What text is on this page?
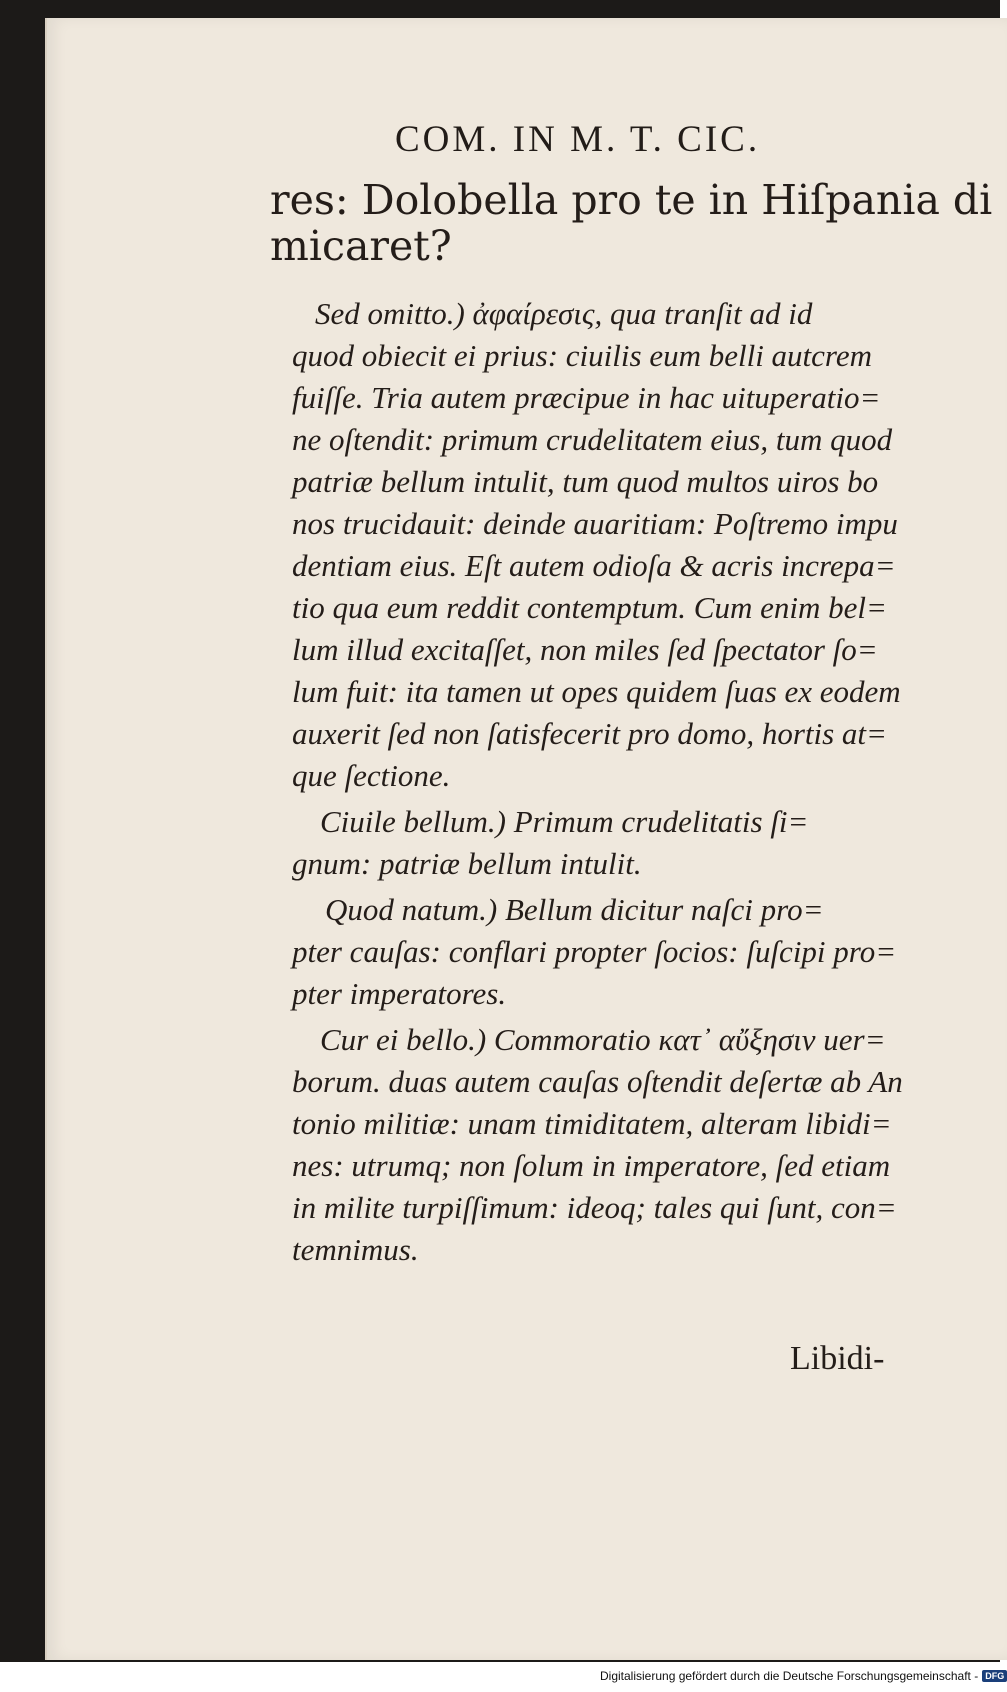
COM. IN M. T. CIC.
res: Dolobella pro te in Hiſpania di
micaret?
Sed omitto.) ἀφαίρεσις, qua tranſit ad id
quod obiecit ei prius: ciuilis eum belli autcrem
fuiſſe. Tria autem præcipue in hac uituperatio=
ne oſtendit: primum crudelitatem eius, tum quod
patriæ bellum intulit, tum quod multos uiros bo
nos trucidauit: deinde auaritiam: Poſtremo impu
dentiam eius. Eſt autem odioſa & acris increpa=
tio qua eum reddit contemptum. Cum enim bel=
lum illud excitaſſet, non miles ſed ſpectator ſo=
lum fuit: ita tamen ut opes quidem ſuas ex eodem
auxerit ſed non ſatisfecerit pro domo, hortis at=
que ſectione.
Ciuile bellum.) Primum crudelitatis ſi=
gnum: patriæ bellum intulit.
Quod natum.) Bellum dicitur naſci pro=
pter cauſas: conflari propter ſocios: ſuſcipi pro=
pter imperatores.
Cur ei bello.) Commoratio κατ᾽ αὔξησιν uer=
borum. duas autem cauſas oſtendit deſertæ ab An
tonio militiæ: unam timiditatem, alteram libidi=
nes: utrumq; non ſolum in imperatore, ſed etiam
in milite turpiſſimum: ideoq; tales qui ſunt, con=
temnimus.
Libidi-
Digitalisierung gefördert durch die Deutsche Forschungsgemeinschaft - DFG
